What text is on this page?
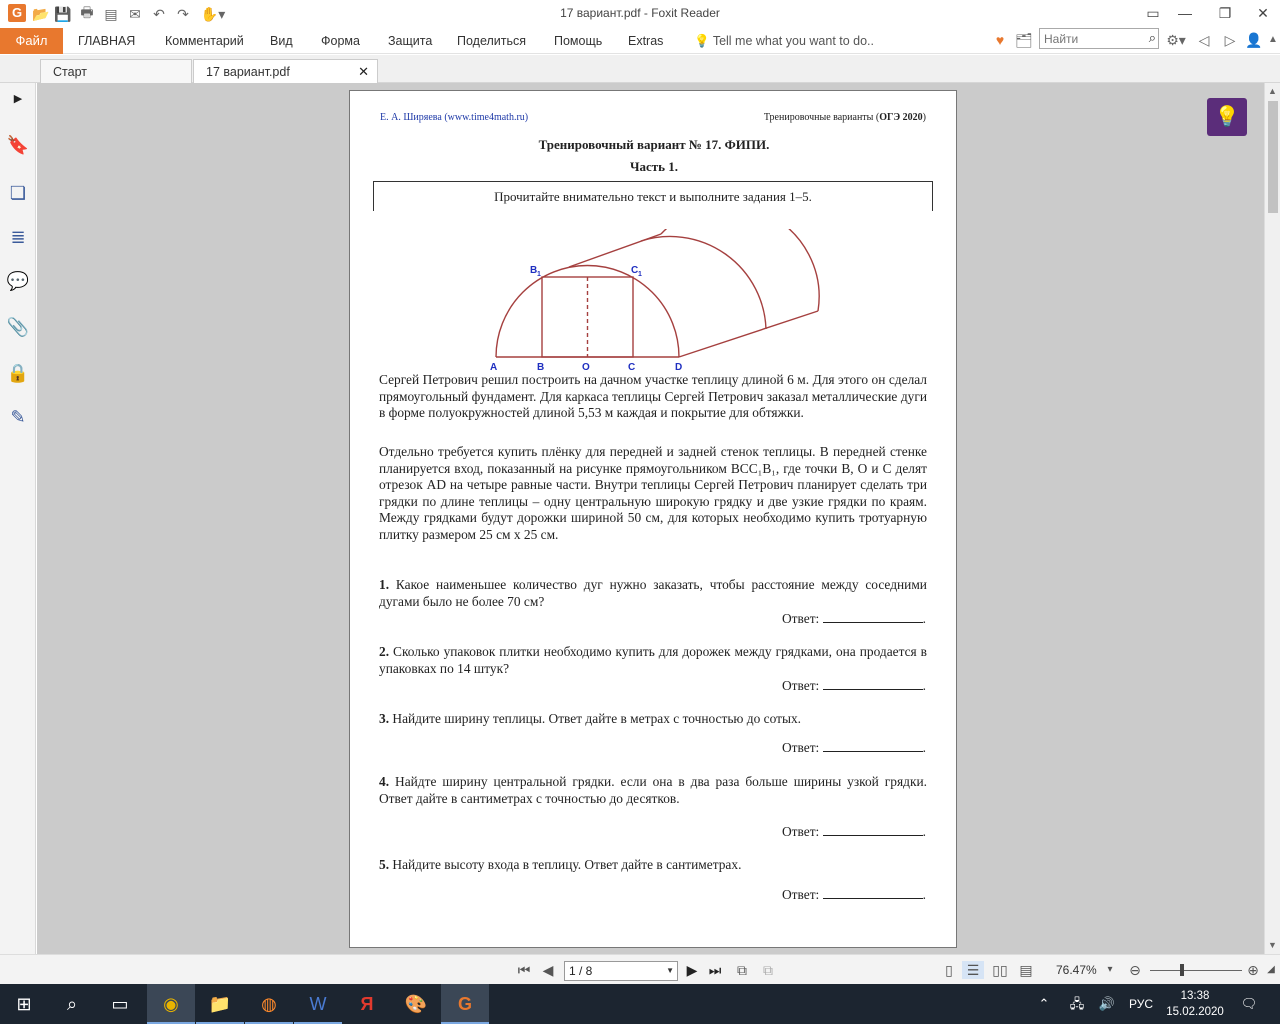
G 📂 💾 🖶 ▤ ✉ ↶ ↷ ✋▾	17 вариант.pdf - Foxit Reader	▭	—	❐	✕
Файл	ГЛАВНАЯ Комментарий Вид Форма Защита Поделиться Помощь Extras 💡 Tell me what you want to do..	♥ 🗂
Найти	⌕ ⚙▾ ◁ ▷ 👤 ▲
Старт	17 вариант.pdf	✕
▶
🔖
❏
≣
💬
📎
🔒
✎
▲
▼
💡
Е. А. Ширяева (www.time4math.ru)	Тренировочные варианты (ОГЭ 2020)
Тренировочный вариант № 17. ФИПИ.
Часть 1.
Прочитайте внимательно текст и выполните задания 1–5.
A	B	O	C	D
B 1	C 1
Сергей Петрович решил построить на дачном участке теплицу длиной 6 м. Для этого он сделал прямоугольный фундамент. Для каркаса теплицы Сергей Петрович заказал металлические дуги в форме полуокружностей длиной 5,53 м каждая и покрытие для обтяжки.
Отдельно требуется купить плёнку для передней и задней стенок теплицы. В передней стенке планируется вход, показанный на рисунке прямоугольником BCC₁B₁, где точки B, O и C делят отрезок AD на четыре равные части. Внутри теплицы Сергей Петрович планирует сделать три грядки по длине теплицы – одну центральную широкую грядку и две узкие грядки по краям. Между грядками будут дорожки шириной 50 см, для которых необходимо купить тротуарную плитку размером 25 см х 25 см.
1. Какое наименьшее количество дуг нужно заказать, чтобы расстояние между соседними дугами было не более 70 см?
Ответ:	.
2. Сколько упаковок плитки необходимо купить для дорожек между грядками, она продается в упаковках по 14 штук?
Ответ:	.
3. Найдите ширину теплицы. Ответ дайте в метрах с точностью до сотых.
Ответ:	.
4. Найдте ширину центральной грядки. если она в два раза больше ширины узкой грядки. Ответ дайте в сантиметрах с точностью до десятков.
Ответ:	.
5. Найдите высоту входа в теплицу. Ответ дайте в сантиметрах.
Ответ:	.
⏮ ◀	1 / 8	▼ ▶ ⏭	⧉	⧉	▯ ☰ ▯▯ ▤ 76.47%	▾ ⊖	⊕ ◢
⊞	⌕	▭	◉	📁	◍	W	Я	🎨	G	⌃	🖧 🔊 РУС
13:38
15.02.2020
🗨
